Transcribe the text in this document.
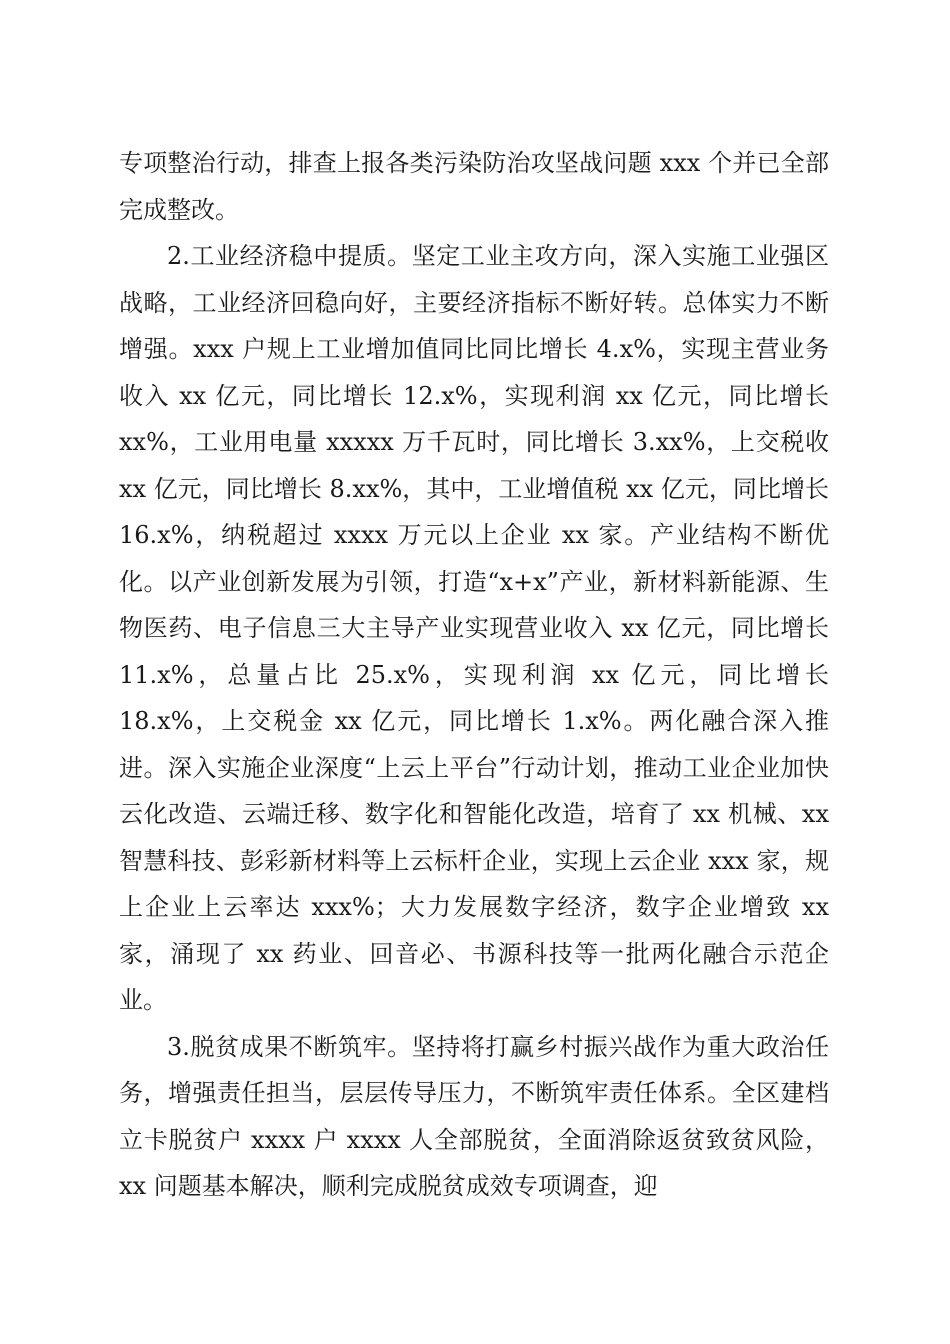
专项整治行动，排查上报各类污染防治攻坚战问题 xxx 个并已全部完成整改。

2.工业经济稳中提质。坚定工业主攻方向，深入实施工业强区战略，工业经济回稳向好，主要经济指标不断好转。总体实力不断增强。xxx 户规上工业增加值同比同比增长 4.x%，实现主营业务收入 xx 亿元，同比增长 12.x%，实现利润 xx 亿元，同比增长 xx%，工业用电量 xxxxx 万千瓦时，同比增长 3.xx%，上交税收 xx 亿元，同比增长 8.xx%，其中，工业增值税 xx 亿元，同比增长 16.x%，纳税超过 xxxx 万元以上企业 xx 家。产业结构不断优化。以产业创新发展为引领，打造“x+x”产业，新材料新能源、生物医药、电子信息三大主导产业实现营业收入 xx 亿元，同比增长 11.x%，总量占比 25.x%，实现利润 xx 亿元，同比增长 18.x%，上交税金 xx 亿元，同比增长 1.x%。两化融合深入推进。深入实施企业深度“上云上平台”行动计划，推动工业企业加快云化改造、云端迁移、数字化和智能化改造，培育了 xx 机械、xx 智慧科技、彭彩新材料等上云标杆企业，实现上云企业 xxx 家，规上企业上云率达 xxx%；大力发展数字经济，数字企业增致 xx 家，涌现了 xx 药业、回音必、书源科技等一批两化融合示范企业。

3.脱贫成果不断筑牢。坚持将打赢乡村振兴战作为重大政治任务，增强责任担当，层层传导压力，不断筑牢责任体系。全区建档立卡脱贫户 xxxx 户 xxxx 人全部脱贫，全面消除返贫致贫风险，xx 问题基本解决，顺利完成脱贫成效专项调查，迎
